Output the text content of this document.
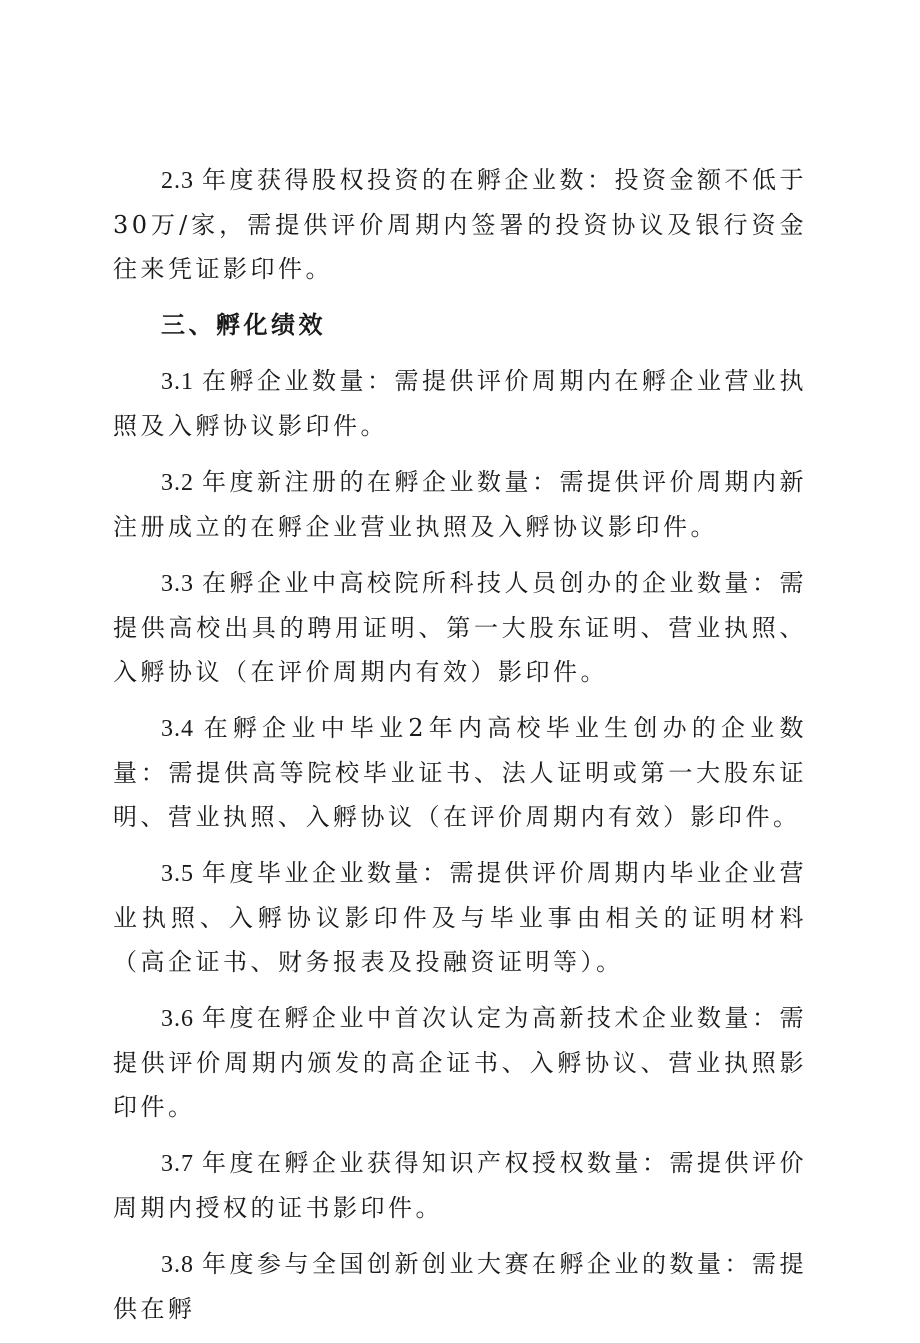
2.3 年度获得股权投资的在孵企业数：投资金额不低于30万/家，需提供评价周期内签署的投资协议及银行资金往来凭证影印件。

三、孵化绩效

3.1 在孵企业数量：需提供评价周期内在孵企业营业执照及入孵协议影印件。

3.2 年度新注册的在孵企业数量：需提供评价周期内新注册成立的在孵企业营业执照及入孵协议影印件。

3.3 在孵企业中高校院所科技人员创办的企业数量：需提供高校出具的聘用证明、第一大股东证明、营业执照、入孵协议（在评价周期内有效）影印件。

3.4 在孵企业中毕业2年内高校毕业生创办的企业数量：需提供高等院校毕业证书、法人证明或第一大股东证明、营业执照、入孵协议（在评价周期内有效）影印件。

3.5 年度毕业企业数量：需提供评价周期内毕业企业营业执照、入孵协议影印件及与毕业事由相关的证明材料（高企证书、财务报表及投融资证明等）。

3.6 年度在孵企业中首次认定为高新技术企业数量：需提供评价周期内颁发的高企证书、入孵协议、营业执照影印件。

3.7 年度在孵企业获得知识产权授权数量：需提供评价周期内授权的证书影印件。

3.8 年度参与全国创新创业大赛在孵企业的数量：需提供在孵
